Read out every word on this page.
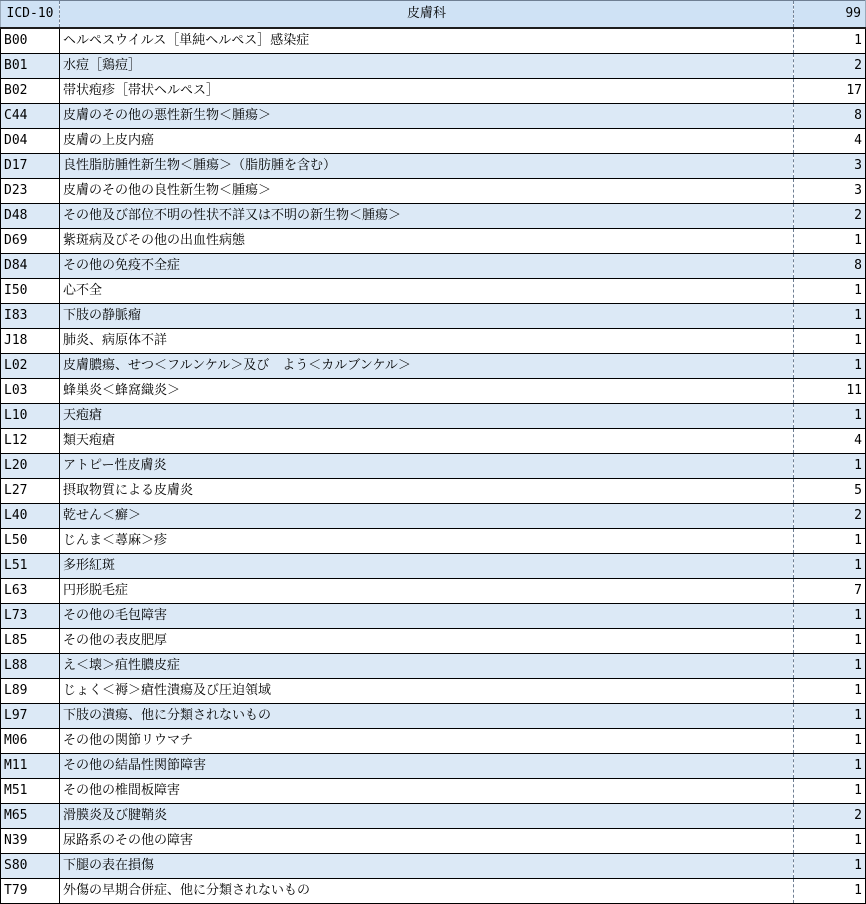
ICD-10	皮膚科	99
B00	ヘルペスウイルス［単純ヘルペス］感染症	1
B01	水痘［鶏痘］	2
B02	帯状疱疹［帯状ヘルペス］	17
C44	皮膚のその他の悪性新生物＜腫瘍＞	8
D04	皮膚の上皮内癌	4
D17	良性脂肪腫性新生物＜腫瘍＞（脂肪腫を含む）	3
D23	皮膚のその他の良性新生物＜腫瘍＞	3
D48	その他及び部位不明の性状不詳又は不明の新生物＜腫瘍＞	2
D69	紫斑病及びその他の出血性病態	1
D84	その他の免疫不全症	8
I50	心不全	1
I83	下肢の静脈瘤	1
J18	肺炎、病原体不詳	1
L02	皮膚膿瘍、せつ＜フルンケル＞及び　よう＜カルブンケル＞	1
L03	蜂巣炎＜蜂窩織炎＞	11
L10	天疱瘡	1
L12	類天疱瘡	4
L20	アトピー性皮膚炎	1
L27	摂取物質による皮膚炎	5
L40	乾せん＜癬＞	2
L50	じんま＜蕁麻＞疹	1
L51	多形紅斑	1
L63	円形脱毛症	7
L73	その他の毛包障害	1
L85	その他の表皮肥厚	1
L88	え＜壊＞疽性膿皮症	1
L89	じょく＜褥＞瘡性潰瘍及び圧迫領域	1
L97	下肢の潰瘍、他に分類されないもの	1
M06	その他の関節リウマチ	1
M11	その他の結晶性関節障害	1
M51	その他の椎間板障害	1
M65	滑膜炎及び腱鞘炎	2
N39	尿路系のその他の障害	1
S80	下腿の表在損傷	1
T79	外傷の早期合併症、他に分類されないもの	1
